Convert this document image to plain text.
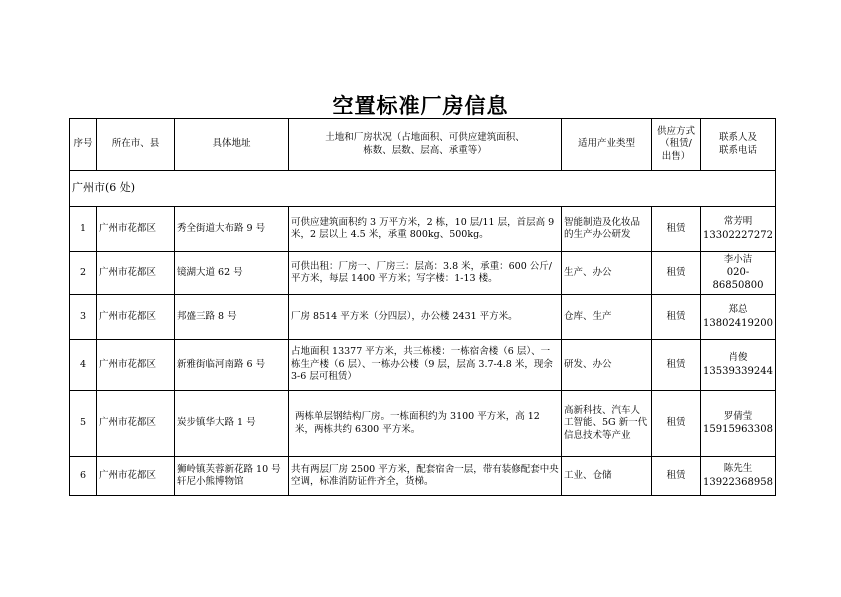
空置标准厂房信息
序号	所在市、县	具体地址	土地和厂房状况（占地面积、可供应建筑面积、
栋数、层数、层高、承重等）	适用产业类型	供应方式
（租赁/
出售）	联系人及
联系电话
广州市(6 处)						
1	广州市花都区	秀全街道大布路 9 号	可供应建筑面积约 3 万平方米，2 栋，10 层/11 层，首层高 9 米，2 层以上 4.5 米，承重 800kg、500kg。	智能制造及化妆品的生产办公研发	租赁	常芳明
13302227272

2	广州市花都区	镜湖大道 62 号	可供出租：厂房一、厂房三：层高：3.8 米，承重：600 公斤/平方米，每层 1400 平方米；写字楼：1-13 楼。	生产、办公	租赁	李小洁
020-86850800

3	广州市花都区	邦盛三路 8 号	厂房 8514 平方米（分四层），办公楼 2431 平方米。	仓库、生产	租赁	郑总
13802419200

4	广州市花都区	新雅街临河南路 6 号	占地面积 13377 平方米，共三栋楼：一栋宿舍楼（6 层）、一栋生产楼（6 层）、一栋办公楼（9 层，层高 3.7-4.8 米，现余 3-6 层可租赁）	研发、办公	租赁	肖俊
13539339244

5	广州市花都区	炭步镇华大路 1 号	两栋单层钢结构厂房。一栋面积约为 3100 平方米，高 12 米，两栋共约 6300 平方米。	高新科技、汽车人工智能、5G 新一代信息技术等产业	租赁	罗倩莹
15915963308

6	广州市花都区	狮岭镇芙蓉新花路 10 号轩尼小熊博物馆	共有两层厂房 2500 平方米，配套宿舍一层，带有装修配套中央空调，标准消防证件齐全，货梯。	工业、仓储	租赁	陈先生
13922368958
